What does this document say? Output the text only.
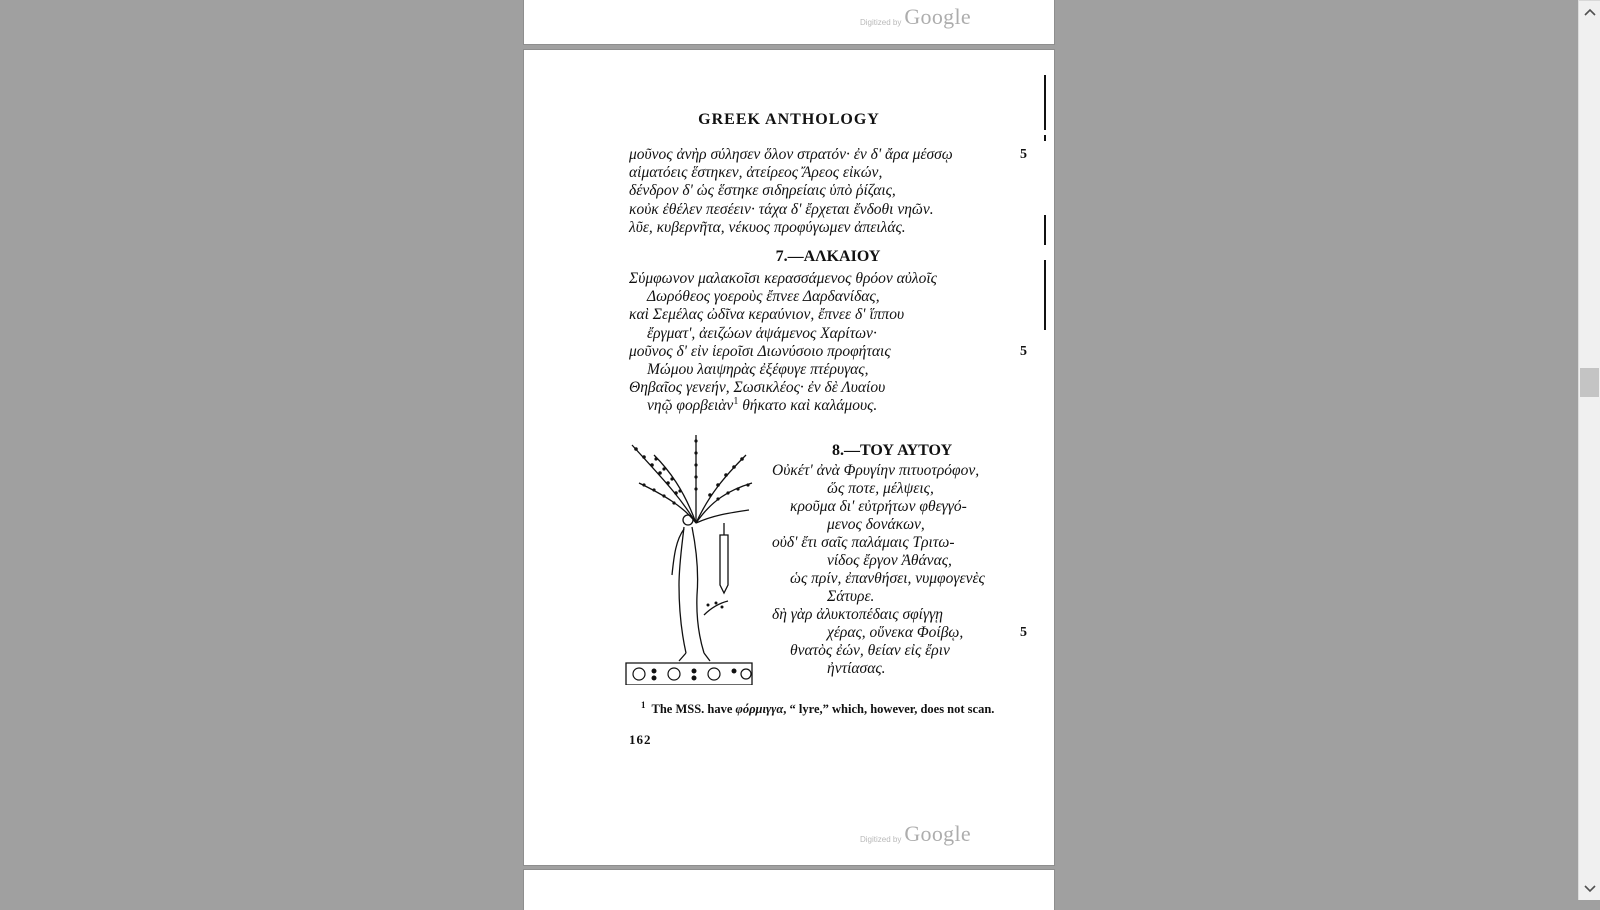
Digitized by Google
GREEK ANTHOLOGY
μοῦνος ἀνὴρ σύλησεν ὅλον στρατόν· ἐν δ' ἄρα μέσσῳ	5
αἱματόεις ἕστηκεν, ἀτείρεος Ἄρεος εἰκών,
δένδρον δ' ὡς ἕστηκε σιδηρείαις ὑπὸ ῥίζαις,
κοὐκ ἐθέλεν πεσέειν· τάχα δ' ἔρχεται ἔνδοθι νηῶν.
λῦε, κυβερνῆτα, νέκυος προφύγωμεν ἀπειλάς.
7.—ΑΛΚΑΙΟΥ
Σύμφωνον μαλακοῖσι κερασσάμενος θρόον αὐλοῖς
Δωρόθεος γοεροὺς ἔπνεε Δαρδανίδας,
καὶ Σεμέλας ὠδῖνα κεραύνιον, ἔπνεε δ' ἵππου
ἔργματ', ἀειζώων ἁψάμενος Χαρίτων·
μοῦνος δ' εἰν ἱεροῖσι Διωνύσοιο προφήταις	5
Μώμου λαιψηρὰς ἐξέφυγε πτέρυγας,
Θηβαῖος γενεήν, Σωσικλέος· ἐν δὲ Λυαίου
νηῷ φορβειὰν$^1$ θήκατο καὶ καλάμους.
8.—ΤΟΥ ΑΥΤΟΥ
Οὐκέτ' ἀνὰ Φρυγίην πιτυοτρόφον,
ὥς ποτε, μέλψεις,
κροῦμα δι' εὐτρήτων φθεγγό-
μενος δονάκων,
οὐδ' ἔτι σαῖς παλάμαις Τριτω-
νίδος ἔργον Ἀθάνας,
ὡς πρίν, ἐπανθήσει, νυμφογενὲς
Σάτυρε.
δὴ γὰρ ἀλυκτοπέδαις σφίγγῃ
χέρας, οὕνεκα Φοίβῳ,	5
θνατὸς ἐών, θείαν εἰς ἔριν
ἠντίασας.
$^1$ The MSS. have φόρμιγγα, “ lyre,” which, however, does not scan.
162
Digitized by Google
